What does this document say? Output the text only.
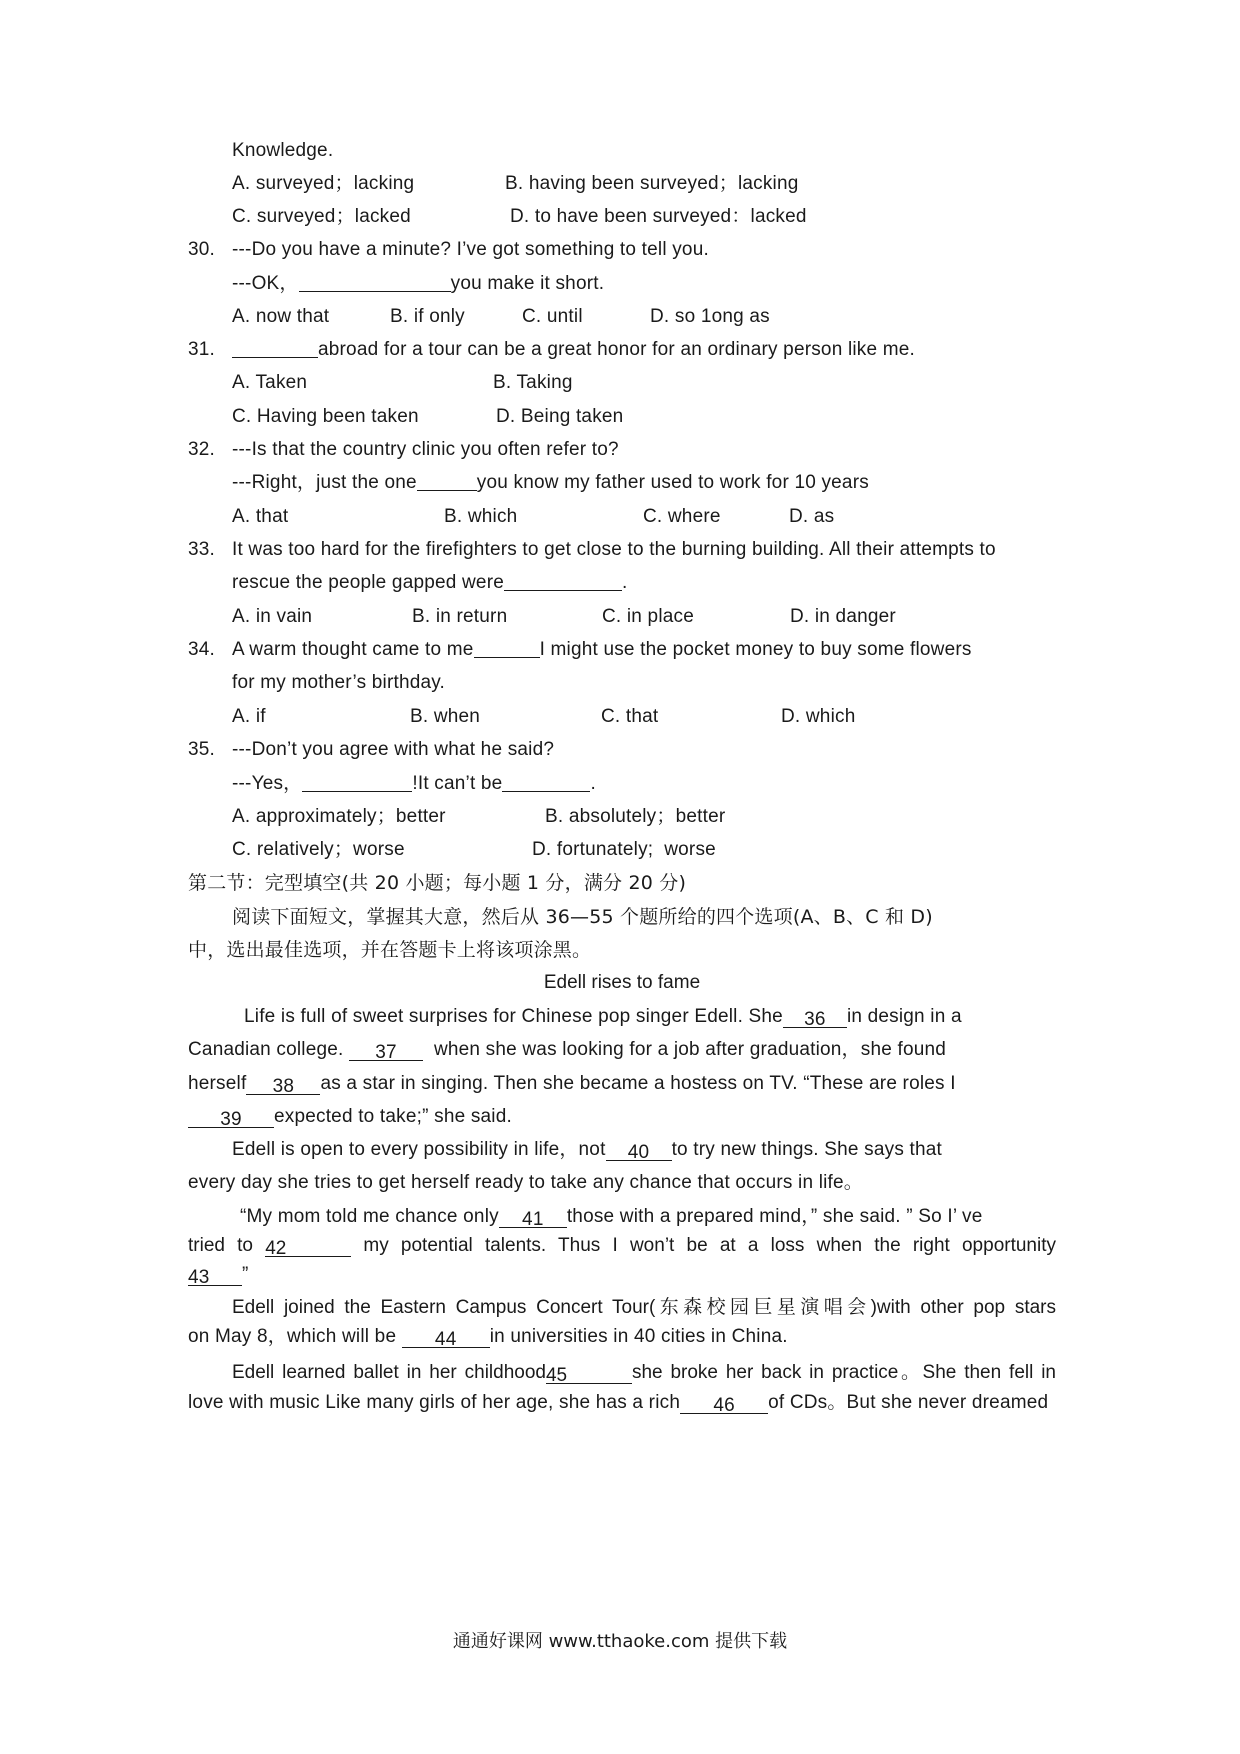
Knowledge.
A. surveyed；lacking	B. having been surveyed；lacking
C. surveyed；lacked	D. to have been surveyed：lacked
30. ---Do you have a minute? I’ve got something to tell you.
---OK，	you make it short.
A. now that	B. if only	C. until	D. so 1ong as
31.	abroad for a tour can be a great honor for an ordinary person like me.
A. Taken	B. Taking
C. Having been taken	D. Being taken
32. ---Is that the country clinic you often refer to?
---Right，just the one	you know my father used to work for 10 years
A. that	B. which	C. where	D. as
33. It was too hard for the firefighters to get close to the burning building. All their attempts to
rescue the people gapped were	.
A. in vain	B. in return	C. in place	D. in danger
34. A warm thought came to me	I might use the pocket money to buy some flowers
for my mother’s birthday.
A. if	B. when	C. that	D. which
35. ---Don’t you agree with what he said?
---Yes，	!It can’t be	.
A. approximately；better	B. absolutely；better
C. relatively；worse	D. fortunately;  worse
第二节：完型填空(共 20 小题；每小题 1 分，满分 20 分)
阅读下面短文，掌握其大意，然后从 36—55 个题所给的四个选项(A、B、C 和 D)
中，选出最佳选项，并在答题卡上将该项涂黑。
Edell rises to fame
Life is full of sweet surprises for Chinese pop singer Edell. She 36 in design in a
Canadian college. 37 when she was looking for a job after graduation，she found
herself 38 as a star in singing. Then she became a hostess on TV. “These are roles I
39 expected to take;” she said.
Edell is open to every possibility in life，not 40 to try new things. She says that
every day she tries to get herself ready to take any chance that occurs in life。
“My mom told me chance only 41 those with a prepared mind，” she said. ” So I’ ve
tried to 42	my potential talents. Thus I won’t be at a loss when the right opportunity
43 ”
Edell joined the Eastern Campus Concert Tour(东森校园巨星演唱会)with other pop stars
on May 8，which will be 44 in universities in 40 cities in China.
Edell learned ballet in her childhood45	she broke her back in practice。She then fell in
love with music Like many girls of her age, she has a rich 46 of CDs。But she never dreamed
通通好课网 www.tthaoke.com 提供下载
